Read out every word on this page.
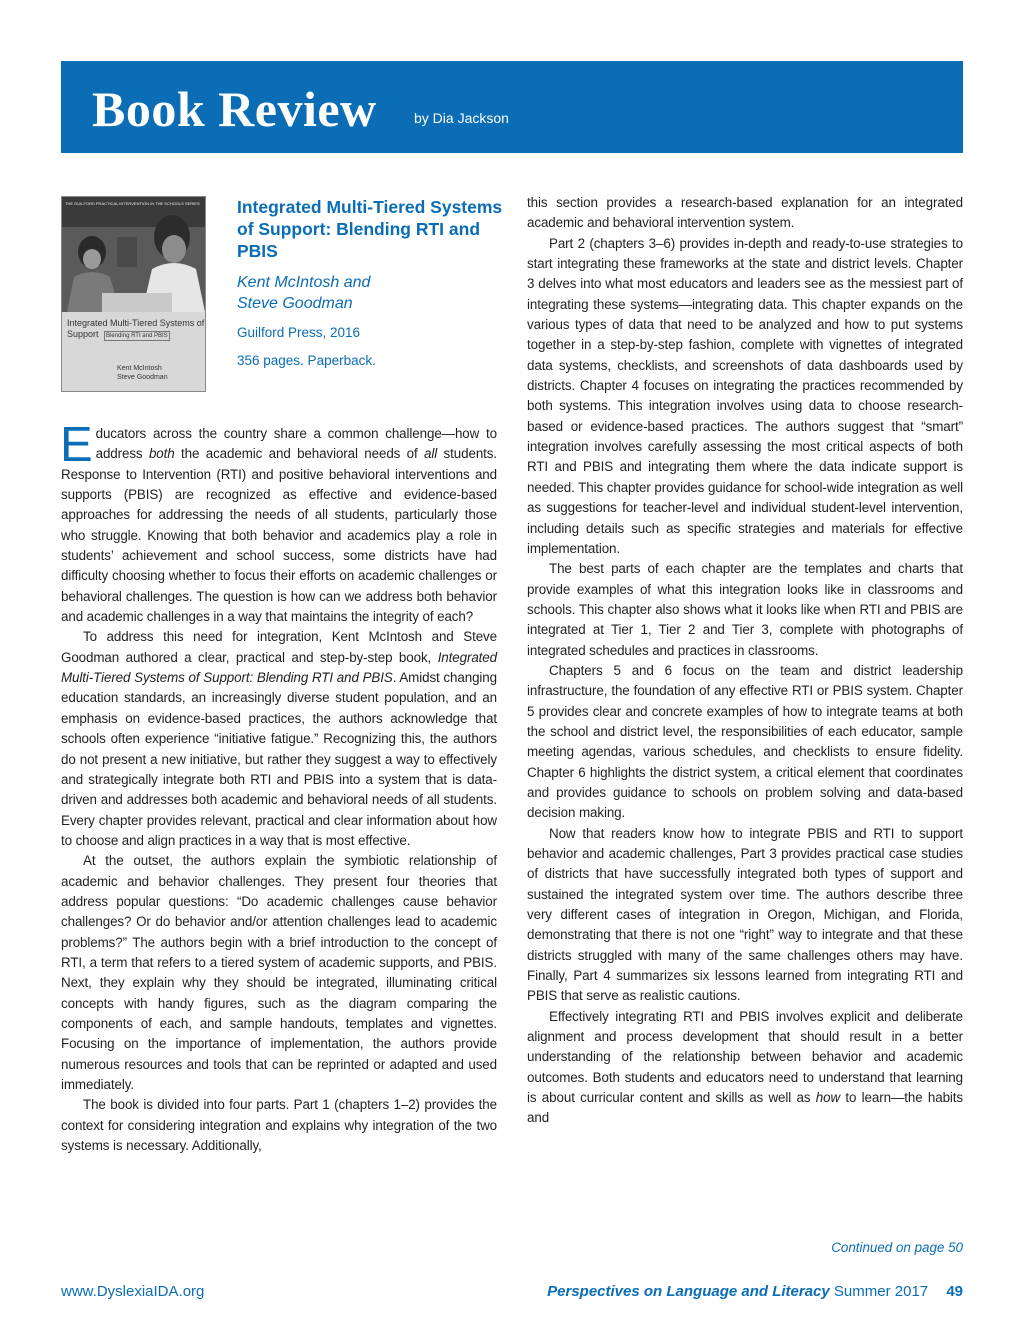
Book Review	by Dia Jackson
THE GUILFORD PRACTICAL INTERVENTION IN THE SCHOOLS SERIES
Integrated Multi-Tiered Systems of Support Blending RTI and PBIS
Kent McIntosh
Steve Goodman
Integrated Multi-Tiered Systems of Support: Blending RTI and PBIS
Kent McIntosh and
Steve Goodman
Guilford Press, 2016
356 pages. Paperback.

Educators across the country share a common challenge—how to address both the academic and behavioral needs of all students. Response to Intervention (RTI) and positive behavioral interventions and supports (PBIS) are recognized as effective and evidence-based approaches for addressing the needs of all students, particularly those who struggle. Knowing that both behavior and academics play a role in students’ achievement and school success, some districts have had difficulty choosing whether to focus their efforts on academic challenges or behavioral challenges. The question is how can we address both behavior and academic challenges in a way that maintains the integrity of each?

To address this need for integration, Kent McIntosh and Steve Goodman authored a clear, practical and step-by-step book, Integrated Multi-Tiered Systems of Support: Blending RTI and PBIS. Amidst changing education standards, an increasingly diverse student population, and an emphasis on evidence-based practices, the authors acknowledge that schools often experience “initiative fatigue.” Recognizing this, the authors do not present a new initiative, but rather they suggest a way to effectively and strategically integrate both RTI and PBIS into a system that is data-driven and addresses both academic and behavioral needs of all students. Every chapter provides relevant, practical and clear information about how to choose and align practices in a way that is most effective.

At the outset, the authors explain the symbiotic relationship of academic and behavior challenges. They present four theories that address popular questions: “Do academic challenges cause behavior challenges? Or do behavior and/or attention challenges lead to academic problems?” The authors begin with a brief introduction to the concept of RTI, a term that refers to a tiered system of academic supports, and PBIS. Next, they explain why they should be integrated, illuminating critical concepts with handy figures, such as the diagram comparing the components of each, and sample handouts, templates and vignettes. Focusing on the importance of implementation, the authors provide numerous resources and tools that can be reprinted or adapted and used immediately.

The book is divided into four parts. Part 1 (chapters 1–2) provides the context for considering integration and explains why integration of the two systems is necessary. Additionally,

this section provides a research-based explanation for an integrated academic and behavioral intervention system.

Part 2 (chapters 3–6) provides in-depth and ready-to-use strategies to start integrating these frameworks at the state and district levels. Chapter 3 delves into what most educators and leaders see as the messiest part of integrating these systems—integrating data. This chapter expands on the various types of data that need to be analyzed and how to put systems together in a step-by-step fashion, complete with vignettes of integrated data systems, checklists, and screenshots of data dashboards used by districts. Chapter 4 focuses on integrating the practices recommended by both systems. This integration involves using data to choose research-based or evidence-based practices. The authors suggest that “smart” integration involves carefully assessing the most critical aspects of both RTI and PBIS and integrating them where the data indicate support is needed. This chapter provides guidance for school-wide integration as well as suggestions for teacher-level and individual student-level intervention, including details such as specific strategies and materials for effective implementation.

The best parts of each chapter are the templates and charts that provide examples of what this integration looks like in classrooms and schools. This chapter also shows what it looks like when RTI and PBIS are integrated at Tier 1, Tier 2 and Tier 3, complete with photographs of integrated schedules and practices in classrooms.

Chapters 5 and 6 focus on the team and district leadership infrastructure, the foundation of any effective RTI or PBIS system. Chapter 5 provides clear and concrete examples of how to integrate teams at both the school and district level, the responsibilities of each educator, sample meeting agendas, various schedules, and checklists to ensure fidelity. Chapter 6 highlights the district system, a critical element that coordinates and provides guidance to schools on problem solving and data-based decision making.

Now that readers know how to integrate PBIS and RTI to support behavior and academic challenges, Part 3 provides practical case studies of districts that have successfully integrated both types of support and sustained the integrated system over time. The authors describe three very different cases of integration in Oregon, Michigan, and Florida, demonstrating that there is not one “right” way to integrate and that these districts struggled with many of the same challenges others may have. Finally, Part 4 summarizes six lessons learned from integrating RTI and PBIS that serve as realistic cautions.

Effectively integrating RTI and PBIS involves explicit and deliberate alignment and process development that should result in a better understanding of the relationship between behavior and academic outcomes. Both students and educators need to understand that learning is about curricular content and skills as well as how to learn—the habits and

Continued on page 50
www.DyslexiaIDA.org	Perspectives on Language and Literacy Summer 2017 49
